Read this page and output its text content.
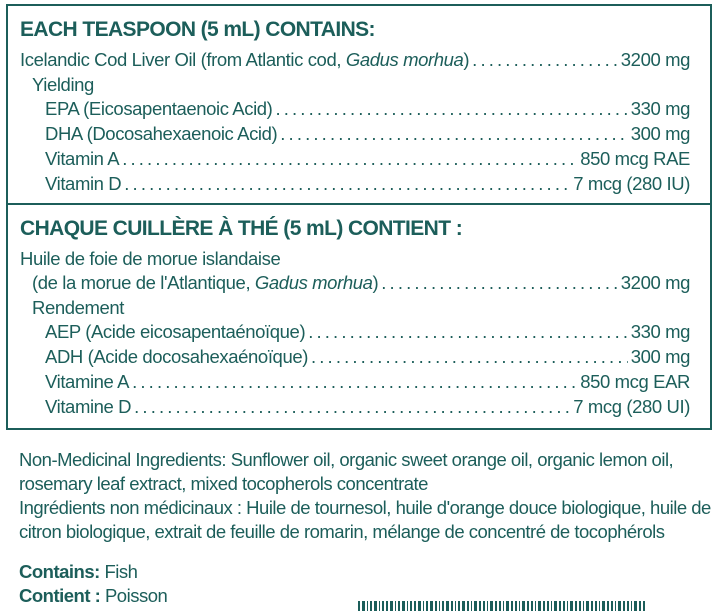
EACH TEASPOON (5 mL) CONTAINS:
Icelandic Cod Liver Oil (from Atlantic cod, Gadus morhua) . . .	3200 mg
Yielding
EPA (Eicosapentaenoic Acid) . . .	330 mg
DHA (Docosahexaenoic Acid) . . .	300 mg
Vitamin A . . .	850 mcg RAE
Vitamin D . . .	7 mcg (280 IU)
CHAQUE CUILLÈRE À THÉ (5 mL) CONTIENT :
Huile de foie de morue islandaise
(de la morue de l'Atlantique, Gadus morhua) . . .	3200 mg
Rendement
AEP (Acide eicosapentaénoïque) . . .	330 mg
ADH (Acide docosahexaénoïque) . . .	300 mg
Vitamine A . . .	850 mcg EAR
Vitamine D . . .	7 mcg (280 UI)
Non-Medicinal Ingredients: Sunflower oil, organic sweet orange oil, organic lemon oil, rosemary leaf extract, mixed tocopherols concentrate
Ingrédients non médicinaux : Huile de tournesol, huile d'orange douce biologique, huile de citron biologique, extrait de feuille de romarin, mélange de concentré de tocophérols
Contains: Fish
Contient : Poisson
